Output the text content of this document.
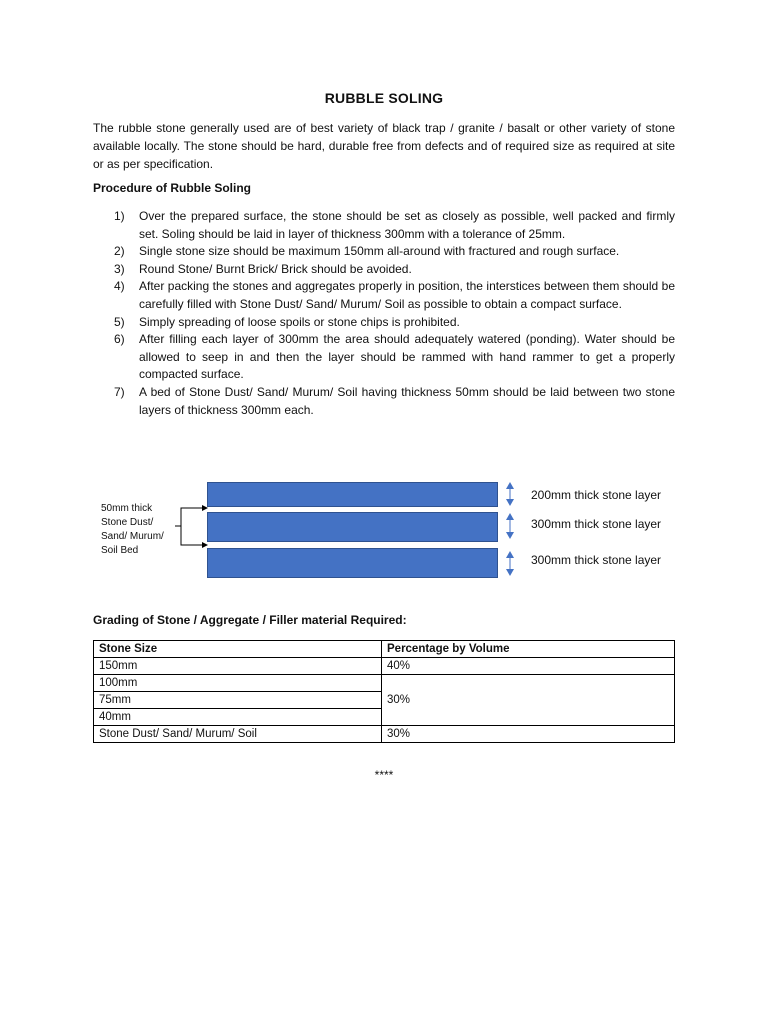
RUBBLE SOLING
The rubble stone generally used are of best variety of black trap / granite / basalt or other variety of stone available locally. The stone should be hard, durable free from defects and of required size as required at site or as per specification.
Procedure of Rubble Soling
1) Over the prepared surface, the stone should be set as closely as possible, well packed and firmly set. Soling should be laid in layer of thickness 300mm with a tolerance of 25mm.
2) Single stone size should be maximum 150mm all-around with fractured and rough surface.
3) Round Stone/ Burnt Brick/ Brick should be avoided.
4) After packing the stones and aggregates properly in position, the interstices between them should be carefully filled with Stone Dust/ Sand/ Murum/ Soil as possible to obtain a compact surface.
5) Simply spreading of loose spoils or stone chips is prohibited.
6) After filling each layer of 300mm the area should adequately watered (ponding). Water should be allowed to seep in and then the layer should be rammed with hand rammer to get a properly compacted surface.
7) A bed of Stone Dust/ Sand/ Murum/ Soil having thickness 50mm should be laid between two stone layers of thickness 300mm each.
200mm thick stone layer
300mm thick stone layer
300mm thick stone layer
50mm thick Stone Dust/ Sand/ Murum/ Soil Bed
Grading of Stone / Aggregate / Filler material Required:
Stone Size	Percentage by Volume
150mm	40%
100mm	30%
75mm	
40mm	
Stone Dust/ Sand/ Murum/ Soil	30%
****
